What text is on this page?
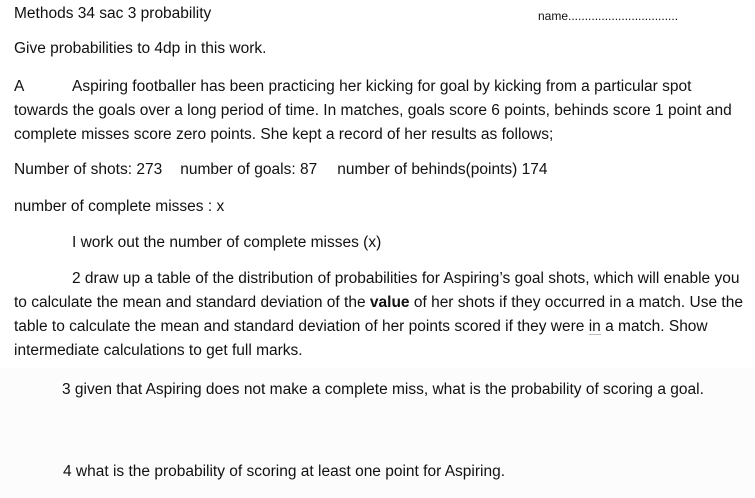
Methods 34 sac 3 probability	name.................................
Give probabilities to 4dp in this work.
A	Aspiring footballer has been practicing her kicking for goal by kicking from a particular spot towards the goals over a long period of time. In matches, goals score 6 points, behinds score 1 point and complete misses score zero points. She kept a record of her results as follows;
Number of shots: 273 number of goals: 87 number of behinds(points) 174
number of complete misses : x
I work out the number of complete misses (x)
2 draw up a table of the distribution of probabilities for Aspiring’s goal shots, which will enable you to calculate the mean and standard deviation of the value of her shots if they occurred in a match. Use the table to calculate the mean and standard deviation of her points scored if they were in a match. Show intermediate calculations to get full marks.
3 given that Aspiring does not make a complete miss, what is the probability of scoring a goal.
4 what is the probability of scoring at least one point for Aspiring.
